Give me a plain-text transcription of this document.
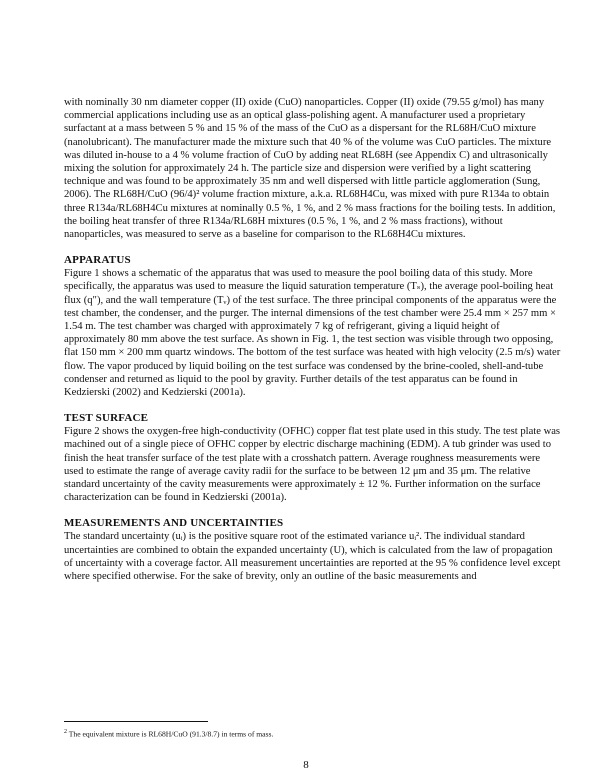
with nominally 30 nm diameter copper (II) oxide (CuO) nanoparticles. Copper (II) oxide (79.55 g/mol) has many commercial applications including use as an optical glass-polishing agent. A manufacturer used a proprietary surfactant at a mass between 5 % and 15 % of the mass of the CuO as a dispersant for the RL68H/CuO mixture (nanolubricant). The manufacturer made the mixture such that 40 % of the volume was CuO particles. The mixture was diluted in-house to a 4 % volume fraction of CuO by adding neat RL68H (see Appendix C) and ultrasonically mixing the solution for approximately 24 h. The particle size and dispersion were verified by a light scattering technique and was found to be approximately 35 nm and well dispersed with little particle agglomeration (Sung, 2006). The RL68H/CuO (96/4)² volume fraction mixture, a.k.a. RL68H4Cu, was mixed with pure R134a to obtain three R134a/RL68H4Cu mixtures at nominally 0.5 %, 1 %, and 2 % mass fractions for the boiling tests. In addition, the boiling heat transfer of three R134a/RL68H mixtures (0.5 %, 1 %, and 2 % mass fractions), without nanoparticles, was measured to serve as a baseline for comparison to the RL68H4Cu mixtures.

APPARATUS

Figure 1 shows a schematic of the apparatus that was used to measure the pool boiling data of this study. More specifically, the apparatus was used to measure the liquid saturation temperature (Tₛ), the average pool-boiling heat flux (q″), and the wall temperature (Tᵥ) of the test surface. The three principal components of the apparatus were the test chamber, the condenser, and the purger. The internal dimensions of the test chamber were 25.4 mm × 257 mm × 1.54 m. The test chamber was charged with approximately 7 kg of refrigerant, giving a liquid height of approximately 80 mm above the test surface. As shown in Fig. 1, the test section was visible through two opposing, flat 150 mm × 200 mm quartz windows. The bottom of the test surface was heated with high velocity (2.5 m/s) water flow. The vapor produced by liquid boiling on the test surface was condensed by the brine-cooled, shell-and-tube condenser and returned as liquid to the pool by gravity. Further details of the test apparatus can be found in Kedzierski (2002) and Kedzierski (2001a).

TEST SURFACE

Figure 2 shows the oxygen-free high-conductivity (OFHC) copper flat test plate used in this study. The test plate was machined out of a single piece of OFHC copper by electric discharge machining (EDM). A tub grinder was used to finish the heat transfer surface of the test plate with a crosshatch pattern. Average roughness measurements were used to estimate the range of average cavity radii for the surface to be between 12 μm and 35 μm. The relative standard uncertainty of the cavity measurements were approximately ± 12 %. Further information on the surface characterization can be found in Kedzierski (2001a).

MEASUREMENTS AND UNCERTAINTIES

The standard uncertainty (uᵢ) is the positive square root of the estimated variance uᵢ². The individual standard uncertainties are combined to obtain the expanded uncertainty (U), which is calculated from the law of propagation of uncertainty with a coverage factor. All measurement uncertainties are reported at the 95 % confidence level except where specified otherwise. For the sake of brevity, only an outline of the basic measurements and

$^2$ The equivalent mixture is RL68H/CuO (91.3/8.7) in terms of mass.
8
